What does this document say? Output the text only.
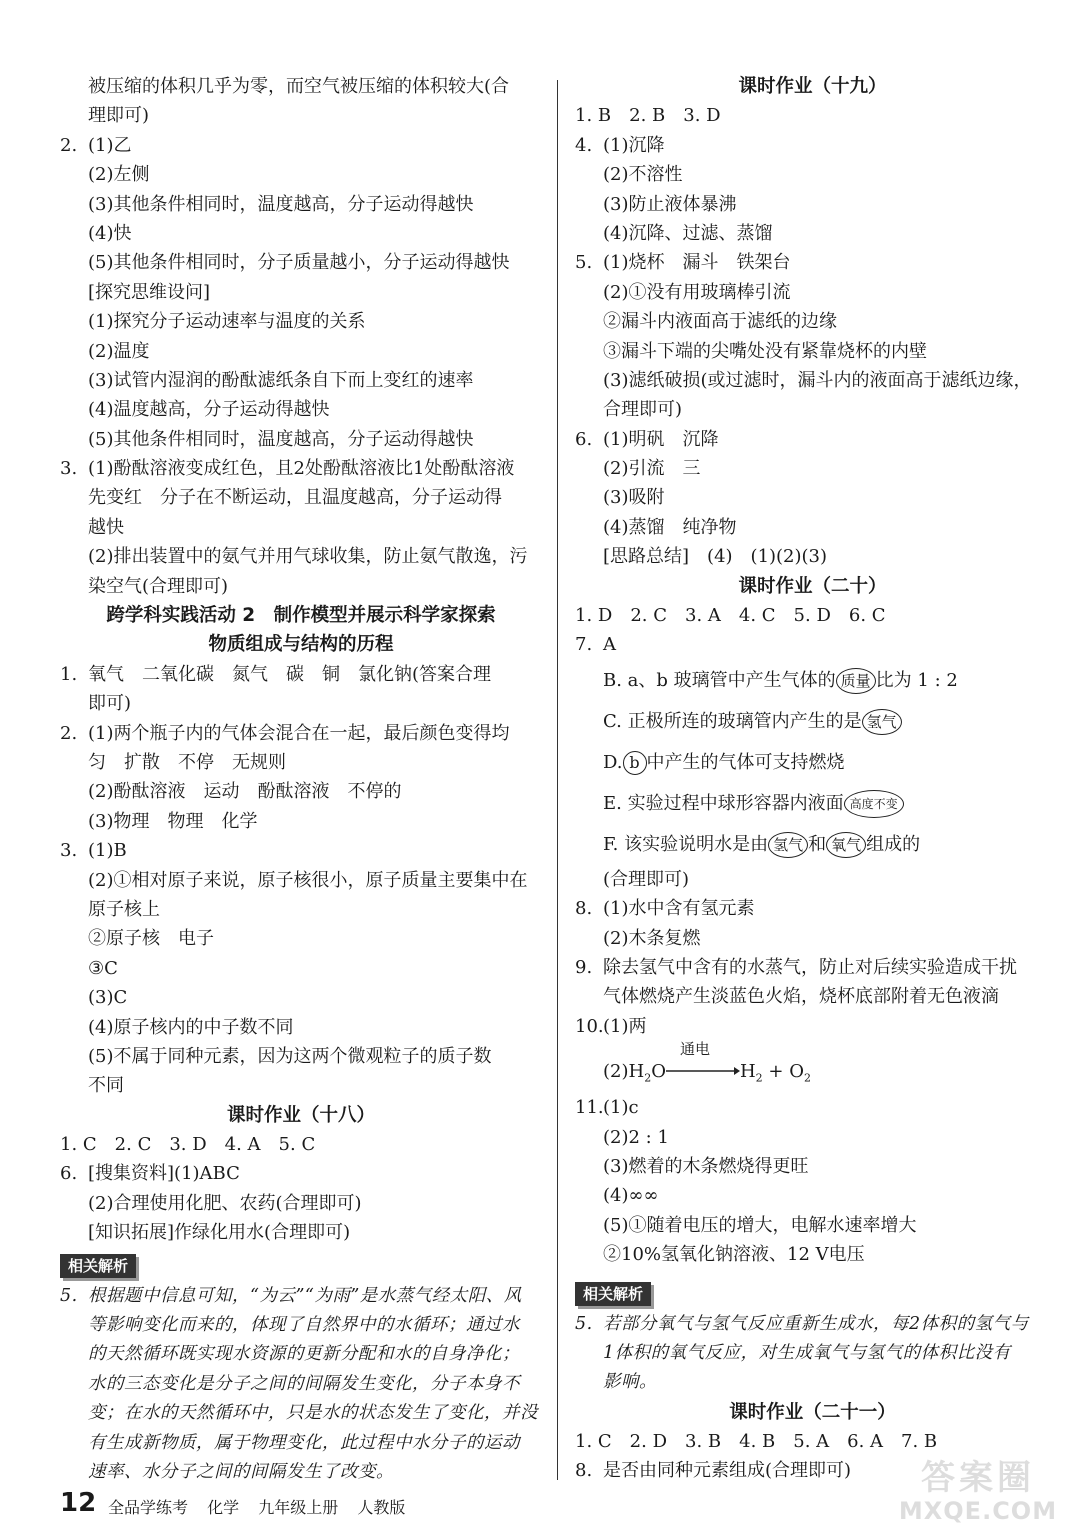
被压缩的体积几乎为零，而空气被压缩的体积较大(合
理即可)
2. (1)乙
(2)左侧
(3)其他条件相同时，温度越高，分子运动得越快
(4)快
(5)其他条件相同时，分子质量越小，分子运动得越快
[探究思维设问]
(1)探究分子运动速率与温度的关系
(2)温度
(3)试管内湿润的酚酞滤纸条自下而上变红的速率
(4)温度越高，分子运动得越快
(5)其他条件相同时，温度越高，分子运动得越快
3. (1)酚酞溶液变成红色，且2处酚酞溶液比1处酚酞溶液
先变红　分子在不断运动，且温度越高，分子运动得
越快
(2)排出装置中的氨气并用气球收集，防止氨气散逸，污
染空气(合理即可)
跨学科实践活动 2　制作模型并展示科学家探索
物质组成与结构的历程
1. 氧气　二氧化碳　氮气　碳　铜　氯化钠(答案合理
即可)
2. (1)两个瓶子内的气体会混合在一起，最后颜色变得均
匀　扩散　不停　无规则
(2)酚酞溶液　运动　酚酞溶液　不停的
(3)物理　物理　化学
3. (1)B
(2)①相对原子来说，原子核很小，原子质量主要集中在
原子核上
②原子核　电子
③C
(3)C
(4)原子核内的中子数不同
(5)不属于同种元素，因为这两个微观粒子的质子数
不同
课时作业（十八）
1. C　2. C　3. D　4. A　5. C
6. [搜集资料](1)ABC
(2)合理使用化肥、农药(合理即可)
[知识拓展]作绿化用水(合理即可)
相关解析
5. 根据题中信息可知，“为云”“为雨”是水蒸气经太阳、风
等影响变化而来的，体现了自然界中的水循环；通过水
的天然循环既实现水资源的更新分配和水的自身净化；
水的三态变化是分子之间的间隔发生变化，分子本身不
变；在水的天然循环中，只是水的状态发生了变化，并没
有生成新物质，属于物理变化，此过程中水分子的运动
速率、水分子之间的间隔发生了改变。
课时作业（十九）
1. B　2. B　3. D
4. (1)沉降
(2)不溶性
(3)防止液体暴沸
(4)沉降、过滤、蒸馏
5. (1)烧杯　漏斗　铁架台
(2)①没有用玻璃棒引流
②漏斗内液面高于滤纸的边缘
③漏斗下端的尖嘴处没有紧靠烧杯的内壁
(3)滤纸破损(或过滤时，漏斗内的液面高于滤纸边缘，
合理即可)
6. (1)明矾　沉降
(2)引流　三
(3)吸附
(4)蒸馏　纯净物
[思路总结]　(4)　(1)(2)(3)
课时作业（二十）
1. D　2. C　3. A　4. C　5. D　6. C
7. A
B. a、b 玻璃管中产生气体的 质量 比为 1 : 2
C. 正极所连的玻璃管内产生的是 氢气
D. b 中产生的气体可支持燃烧
E. 实验过程中球形容器内液面 高度不变
F. 该实验说明水是由 氢气 和 氧气 组成的
(合理即可)
8. (1)水中含有氢元素
(2)木条复燃
9. 除去氢气中含有的水蒸气，防止对后续实验造成干扰
气体燃烧产生淡蓝色火焰，烧杯底部附着无色液滴
10.(1)两
$(2)H_2O$
通电
$H_2 + O_2$
11.(1)c
(2)2 : 1
(3)燃着的木条燃烧得更旺
(4)∞∞
(5)①随着电压的增大，电解水速率增大
②10%氢氧化钠溶液、12 V电压
相关解析
5. 若部分氧气与氢气反应重新生成水，每2体积的氢气与
1体积的氧气反应，对生成氧气与氢气的体积比没有
影响。
课时作业（二十一）
1. C　2. D　3. B　4. B　5. A　6. A　7. B
8. 是否由同种元素组成(合理即可)
12 全品学练考 化学 九年级上册 人教版
答案圈
MXQE.COM
